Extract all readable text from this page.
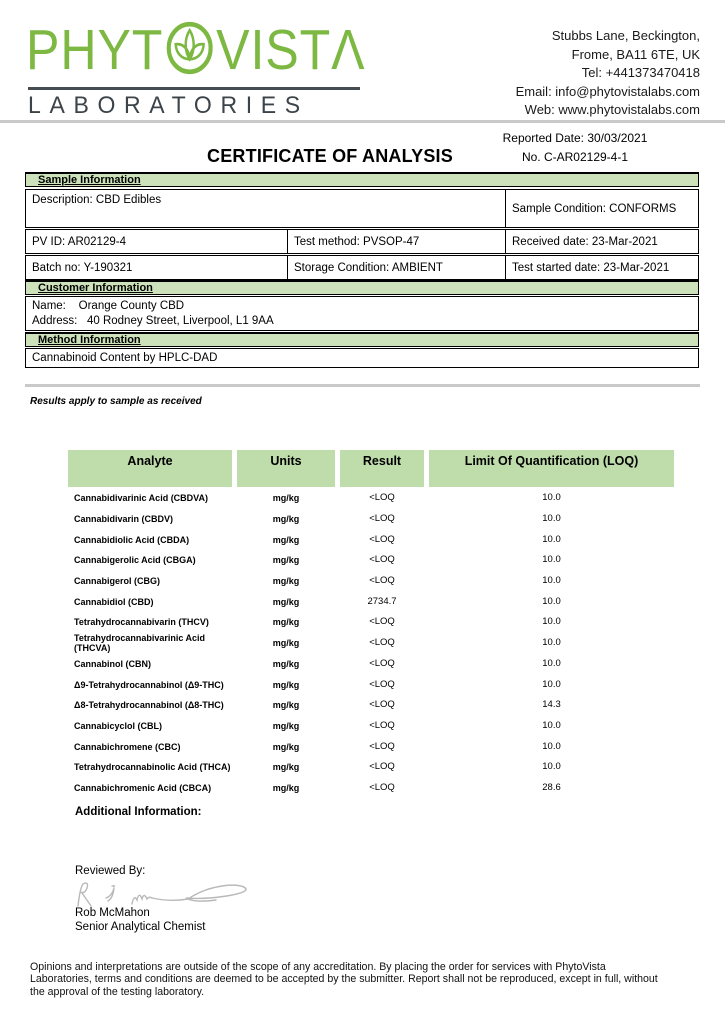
PHYT VISTΛ
LABORATORIES
Stubbs Lane, Beckington,
Frome, BA11 6TE, UK
Tel: +441373470418
Email: info@phytovistalabs.com
Web: www.phytovistalabs.com
Reported Date: 30/03/2021
No. C-AR02129-4-1
CERTIFICATE OF ANALYSIS
Sample Information
Description: CBD Edibles
Sample Condition: CONFORMS
PV ID: AR02129-4	Test method: PVSOP-47	Received date: 23-Mar-2021
Batch no: Y-190321	Storage Condition: AMBIENT	Test started date: 23-Mar-2021
Customer Information
Name:    Orange County CBD
Address:   40 Rodney Street, Liverpool, L1 9AA
Method Information
Cannabinoid Content by HPLC-DAD
Results apply to sample as received
Analyte	Units	Result	Limit Of Quantification (LOQ)
Cannabidivarinic Acid (CBDVA)	mg/kg	<LOQ	10.0
Cannabidivarin (CBDV)	mg/kg	<LOQ	10.0
Cannabidiolic Acid (CBDA)	mg/kg	<LOQ	10.0
Cannabigerolic Acid (CBGA)	mg/kg	<LOQ	10.0
Cannabigerol (CBG)	mg/kg	<LOQ	10.0
Cannabidiol (CBD)	mg/kg	2734.7	10.0
Tetrahydrocannabivarin (THCV)	mg/kg	<LOQ	10.0
Tetrahydrocannabivarinic Acid (THCVA)	mg/kg	<LOQ	10.0
Cannabinol (CBN)	mg/kg	<LOQ	10.0
Δ9-Tetrahydrocannabinol (Δ9-THC)	mg/kg	<LOQ	10.0
Δ8-Tetrahydrocannabinol (Δ8-THC)	mg/kg	<LOQ	14.3
Cannabicyclol (CBL)	mg/kg	<LOQ	10.0
Cannabichromene (CBC)	mg/kg	<LOQ	10.0
Tetrahydrocannabinolic Acid (THCA)	mg/kg	<LOQ	10.0
Cannabichromenic Acid (CBCA)	mg/kg	<LOQ	28.6
Additional Information:
Reviewed By:
Rob McMahon
Senior Analytical Chemist
Opinions and interpretations are outside of the scope of any accreditation. By placing the order for services with PhytoVista Laboratories, terms and conditions are deemed to be accepted by the submitter. Report shall not be reproduced, except in full, without the approval of the testing laboratory.
